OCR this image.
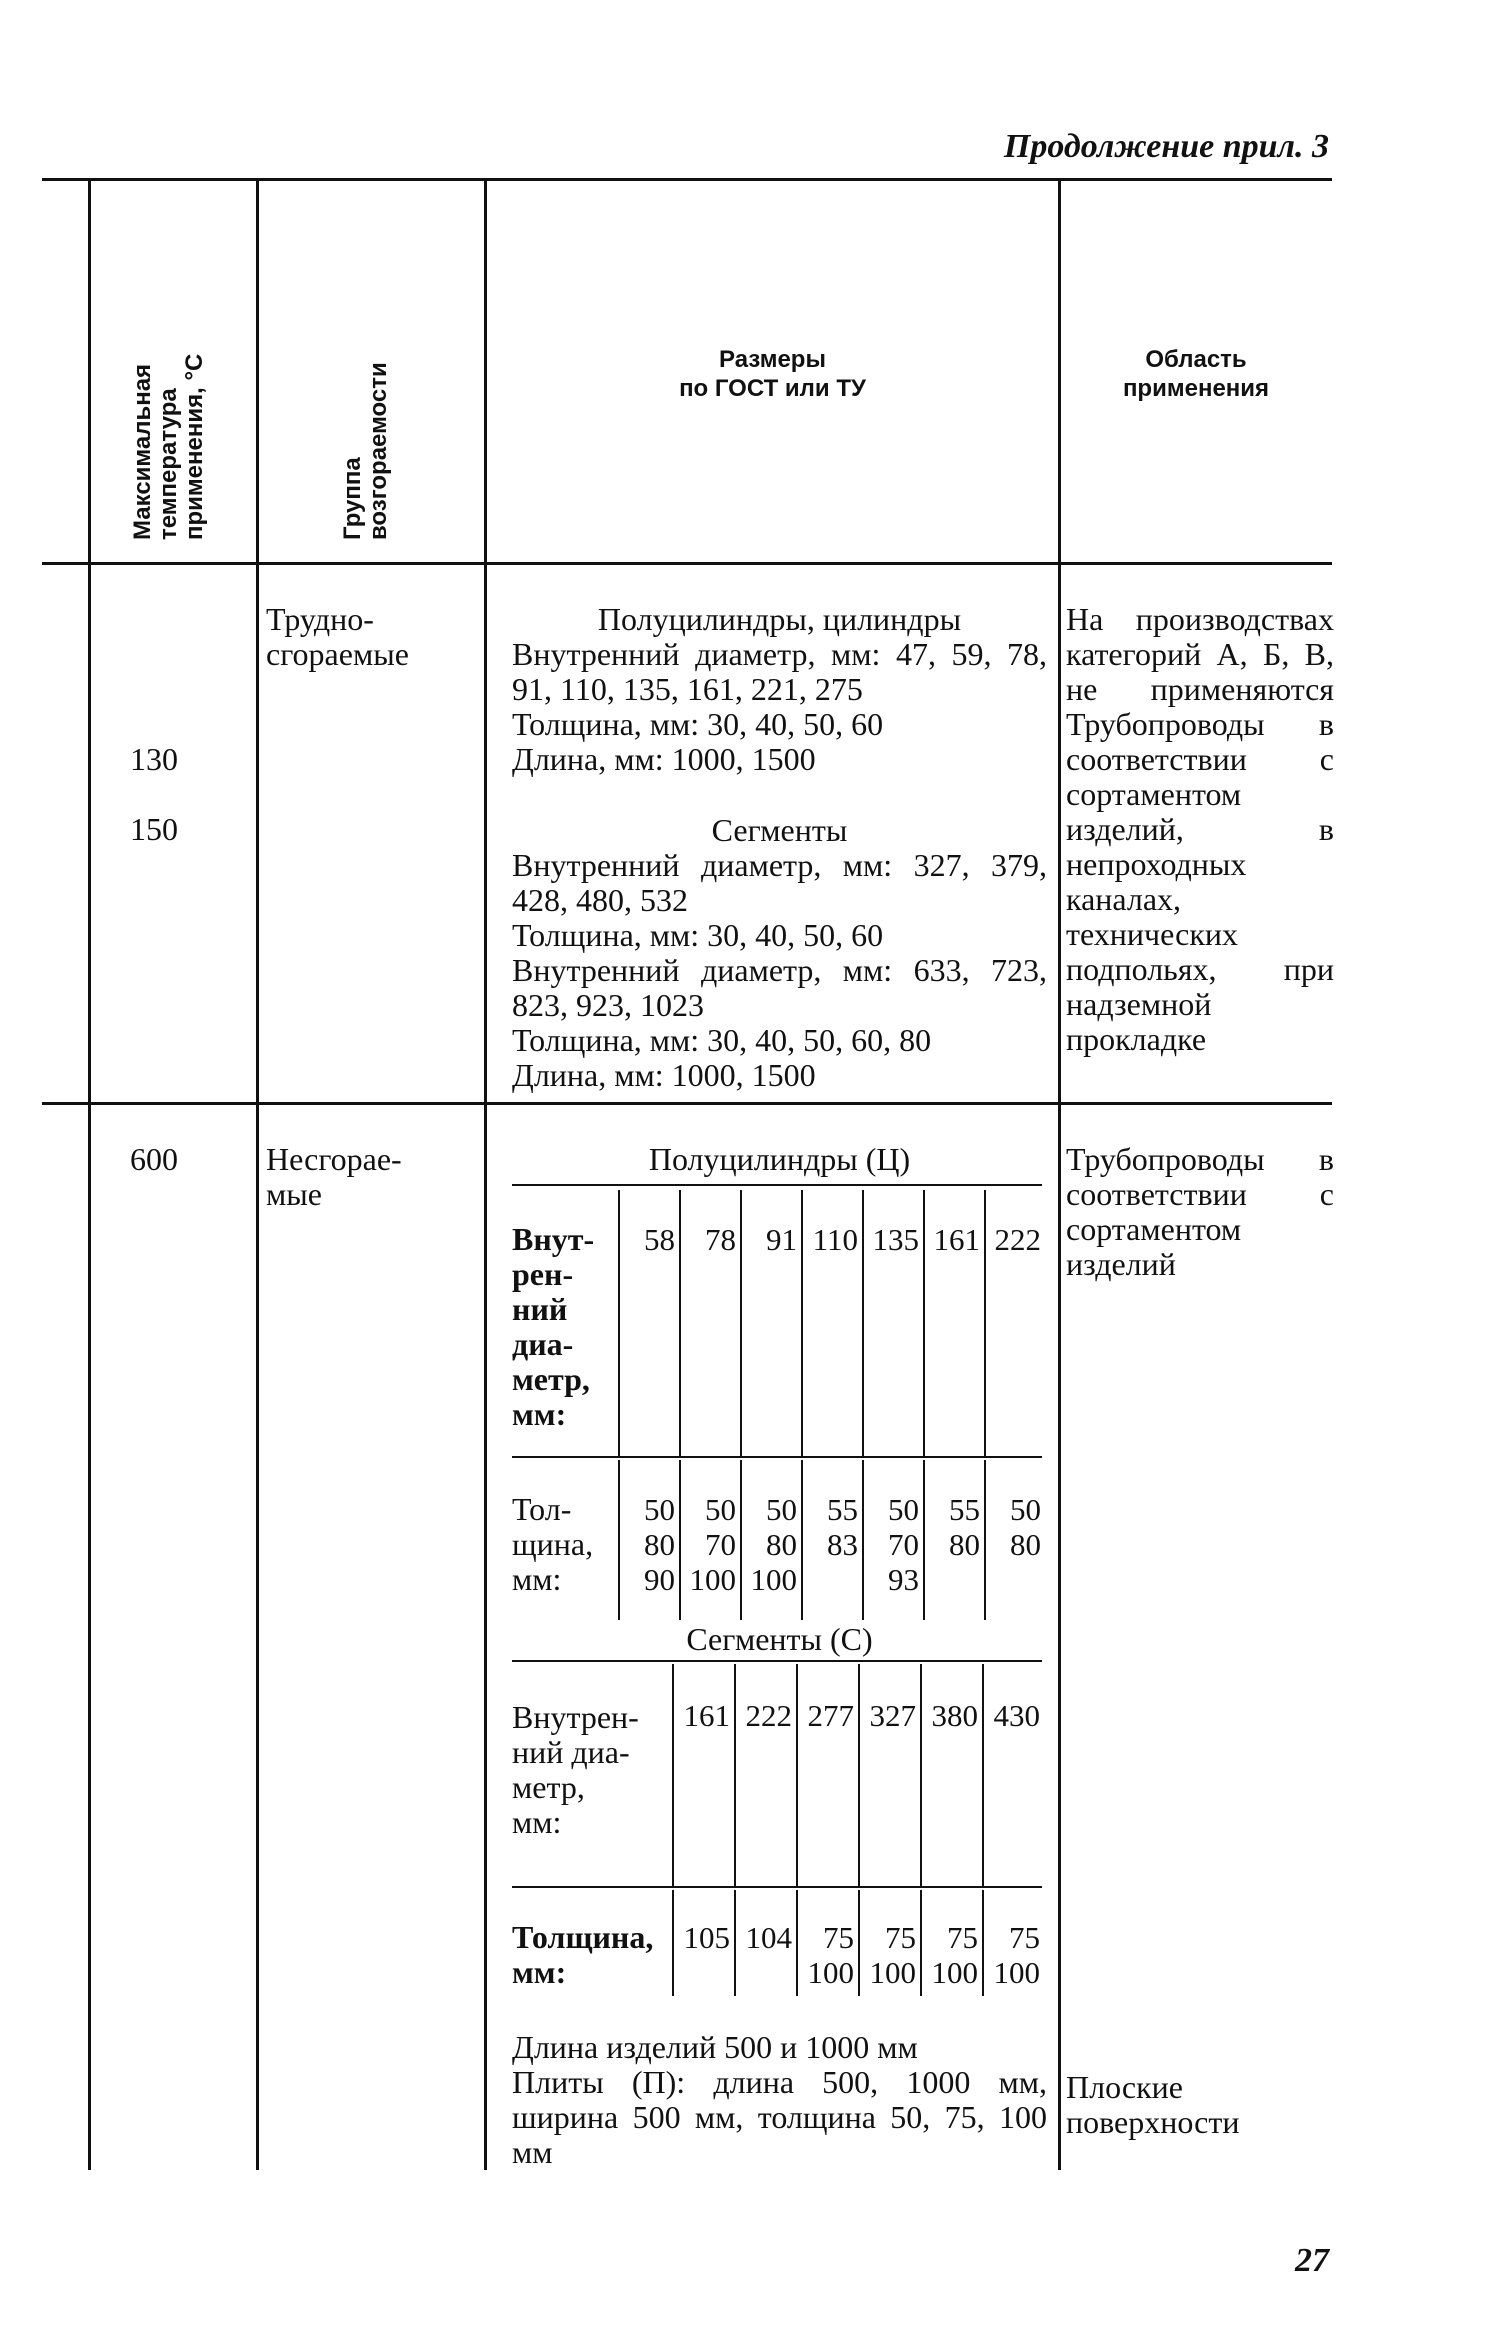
Продолжение прил. 3
Максимальная
температура
применения, °С
Группа
возгораемости
Размеры
по ГОСТ или ТУ
Область
применения
130
150
Трудно-
сгораемые
Полуцилиндры, цилиндры
Внутренний диаметр, мм: 47, 59, 78, 91, 110, 135, 161, 221, 275
Толщина, мм: 30, 40, 50, 60
Длина, мм: 1000, 1500
Сегменты
Внутренний диаметр, мм: 327, 379, 428, 480, 532
Толщина, мм: 30, 40, 50, 60
Внутренний диаметр, мм: 633, 723, 823, 923, 1023
Толщина, мм: 30, 40, 50, 60, 80
Длина, мм: 1000, 1500
На производствах категорий А, Б, В, не применяются Трубопроводы в соответствии с сортаментом изделий, в непроходных каналах, технических подпольях, при надземной прокладке
600	Несгорае-
мые
Полуцилиндры (Ц)
Внут-
рен-
ний
диа-
метр,
мм:
58 78 91 110 135 161 222
Тол-
щина,
мм:
50
80
90
50
70
100
50
80
100
55
83
50
70
93
55
80
50
80
Сегменты (С)
Внутрен-
ний диа-
метр,
мм:
161 222 277 327 380 430
Толщина,
мм:
105 104	75
100
75
100
75
100
75
100
Длина изделий 500 и 1000 мм
Плиты (П): длина 500, 1000 мм, ширина 500 мм, толщина 50, 75, 100 мм
Трубопроводы в соответствии с сортаментом изделий
Плоские поверхности
27
